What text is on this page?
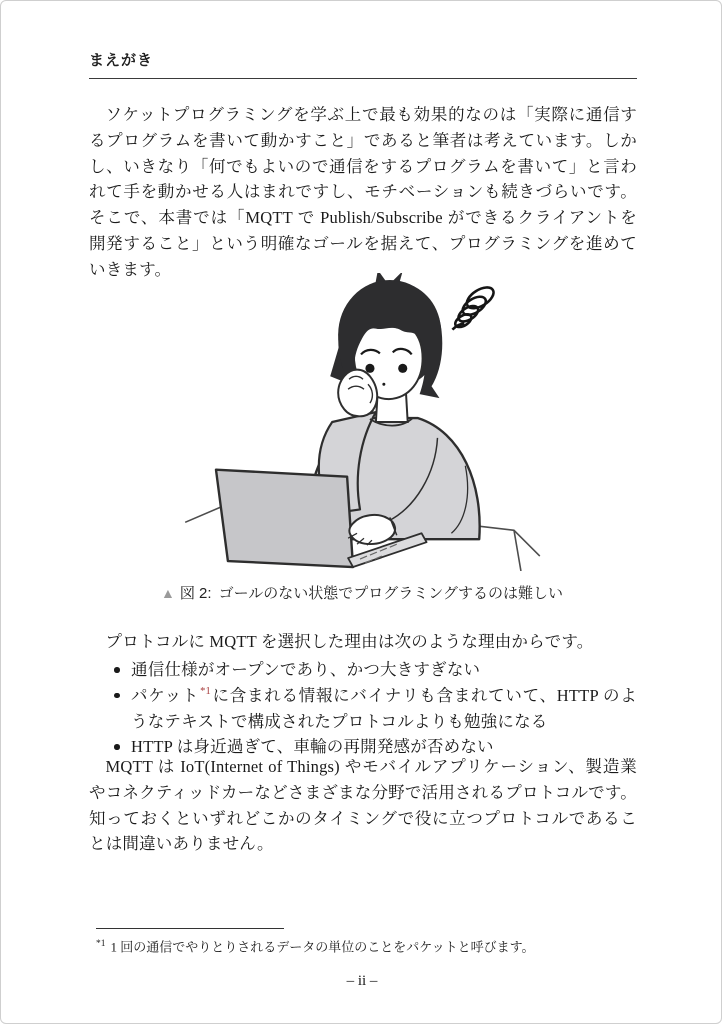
まえがき

ソケットプログラミングを学ぶ上で最も効果的なのは「実際に通信するプログラムを書いて動かすこと」であると筆者は考えています。しかし、いきなり「何でもよいので通信をするプログラムを書いて」と言われて手を動かせる人はまれですし、モチベーションも続きづらいです。そこで、本書では「MQTT で Publish/Subscribe ができるクライアントを開発すること」という明確なゴールを据えて、プログラミングを進めていきます。

▲ 図 2: ゴールのない状態でプログラミングするのは難しい

プロトコルに MQTT を選択した理由は次のような理由からです。

通信仕様がオープンであり、かつ大きすぎない
パケット$^{*1}$に含まれる情報にバイナリも含まれていて、HTTP のようなテキストで構成されたプロトコルよりも勉強になる
HTTP は身近過ぎて、車輪の再開発感が否めない

MQTT は IoT(Internet of Things) やモバイルアプリケーション、製造業やコネクティッドカーなどさまざまな分野で活用されるプロトコルです。知っておくといずれどこかのタイミングで役に立つプロトコルであることは間違いありません。

$^{*1}$ 1 回の通信でやりとりされるデータの単位のことをパケットと呼びます。
– ii –
